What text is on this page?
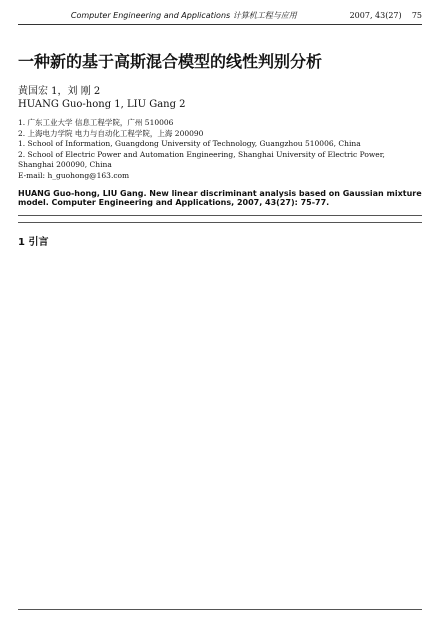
Computer Engineering and Applications 计算机工程与应用	2007, 43(27) 75
一种新的基于高斯混合模型的线性判别分析
黄国宏 1，刘 刚 2
HUANG Guo-hong 1, LIU Gang 2
1. 广东工业大学 信息工程学院，广州 510006
2. 上海电力学院 电力与自动化工程学院，上海 200090
1. School of Information, Guangdong University of Technology, Guangzhou 510006, China
2. School of Electric Power and Automation Engineering, Shanghai University of Electric Power, Shanghai 200090, China
E-mail: h_guohong@163.com
HUANG Guo-hong, LIU Gang. New linear discriminant analysis based on Gaussian mixture model. Computer Engineering and Applications, 2007, 43(27): 75-77.
1 引言
